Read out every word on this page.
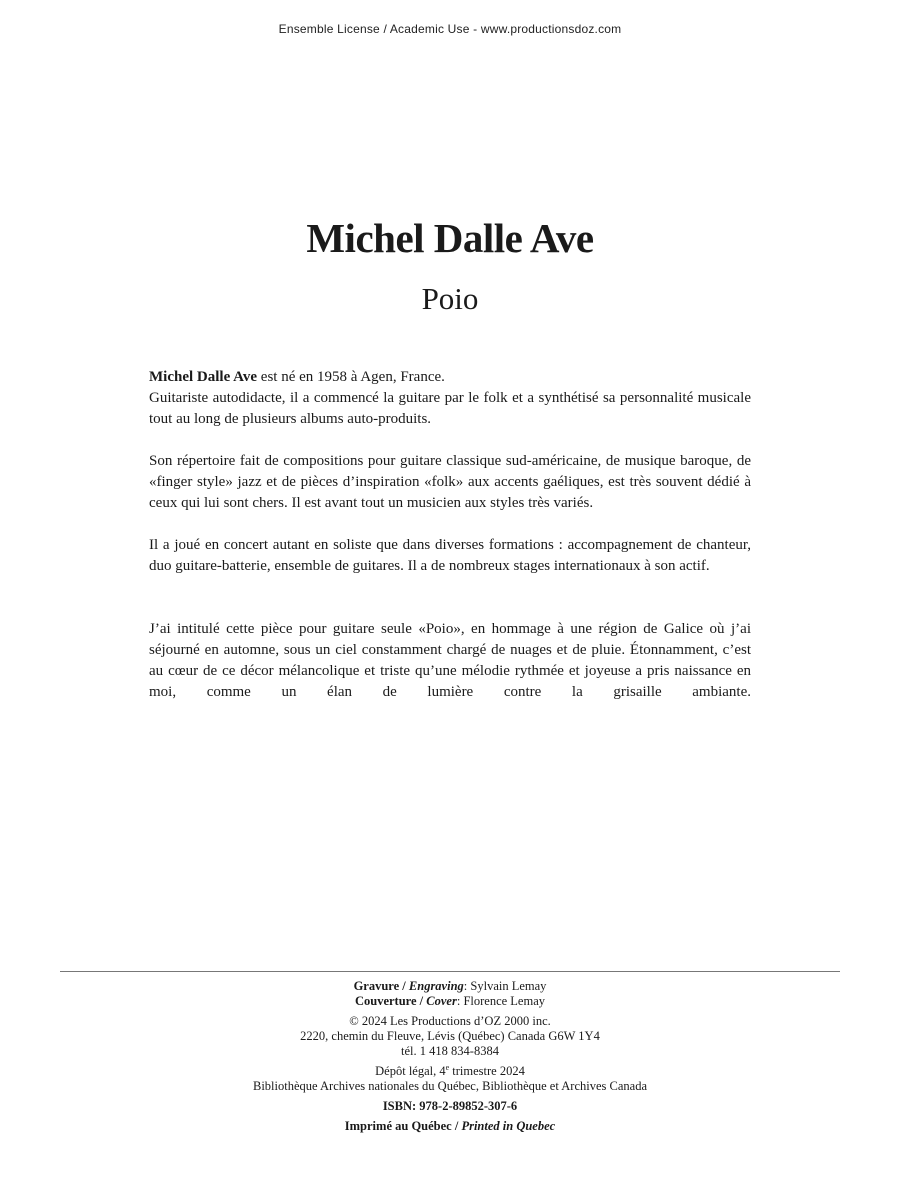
Ensemble License / Academic Use - www.productionsdoz.com
Michel Dalle Ave
Poio

Michel Dalle Ave est né en 1958 à Agen, France.
Guitariste autodidacte, il a commencé la guitare par le folk et a synthétisé sa personnalité musicale tout au long de plusieurs albums auto-produits.

Son répertoire fait de compositions pour guitare classique sud-américaine, de musique baroque, de «finger style» jazz et de pièces d’inspiration «folk» aux accents gaéliques, est très souvent dédié à ceux qui lui sont chers. Il est avant tout un musicien aux styles très variés.

Il a joué en concert autant en soliste que dans diverses formations : accompagnement de chanteur, duo guitare-batterie, ensemble de guitares. Il a de nombreux stages internationaux à son actif.

J’ai intitulé cette pièce pour guitare seule «Poio», en hommage à une région de Galice où j’ai séjourné en automne, sous un ciel constamment chargé de nuages et de pluie. Étonnamment, c’est au cœur de ce décor mélancolique et triste qu’une mélodie rythmée et joyeuse a pris naissance en moi, comme un élan de lumière contre la grisaille ambiante.

Gravure / Engraving: Sylvain Lemay
Couverture / Cover: Florence Lemay
© 2024 Les Productions d’OZ 2000 inc.
2220, chemin du Fleuve, Lévis (Québec) Canada G6W 1Y4
tél. 1 418 834-8384
Dépôt légal, 4e trimestre 2024
Bibliothèque Archives nationales du Québec, Bibliothèque et Archives Canada
ISBN: 978-2-89852-307-6
Imprimé au Québec / Printed in Quebec
